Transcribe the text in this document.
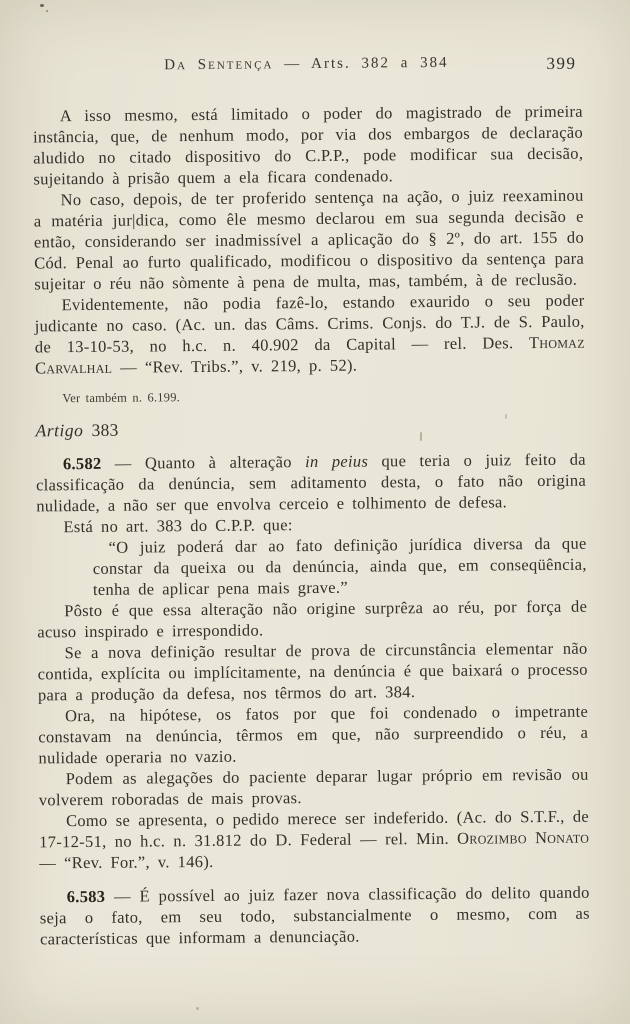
Da Sentença — Arts. 382 a 384	399

A isso mesmo, está limitado o poder do magistrado de primeira instância, que, de nenhum modo, por via dos embargos de declaração aludido no citado dispositivo do C.P.P., pode modificar sua decisão, sujeitando à prisão quem a ela ficara condenado.

No caso, depois, de ter proferido sentença na ação, o juiz reexaminou a matéria jur|dica, como êle mesmo declarou em sua segunda decisão e então, considerando ser inadmissível a aplicação do § 2º, do art. 155 do Cód. Penal ao furto qualificado, modificou o dispositivo da sentença para sujeitar o réu não sòmente à pena de multa, mas, também, à de reclusão.

Evidentemente, não podia fazê-lo, estando exaurido o seu poder judicante no caso. (Ac. un. das Câms. Crims. Conjs. do T.J. de S. Paulo, de 13-10-53, no h.c. n. 40.902 da Capital — rel. Des. Thomaz Carvalhal — “Rev. Tribs.”, v. 219, p. 52).

Ver também n. 6.199.

Artigo 383

6.582 — Quanto à alteração in peius que teria o juiz feito da classificação da denúncia, sem aditamento desta, o fato não origina nulidade, a não ser que envolva cerceio e tolhimento de defesa.

Está no art. 383 do C.P.P. que:

“O juiz poderá dar ao fato definição jurídica diversa da que constar da queixa ou da denúncia, ainda que, em conseqüência, tenha de aplicar pena mais grave.”

Pôsto é que essa alteração não origine surprêza ao réu, por força de acuso inspirado e irrespondido.

Se a nova definição resultar de prova de circunstância elementar não contida, explícita ou implícitamente, na denúncia é que baixará o processo para a produção da defesa, nos têrmos do art. 384.

Ora, na hipótese, os fatos por que foi condenado o impetrante constavam na denúncia, têrmos em que, não surpreendido o réu, a nulidade operaria no vazio.

Podem as alegações do paciente deparar lugar próprio em revisão ou volverem roboradas de mais provas.

Como se apresenta, o pedido merece ser indeferido. (Ac. do S.T.F., de 17-12-51, no h.c. n. 31.812 do D. Federal — rel. Min. Orozimbo Nonato — “Rev. For.”, v. 146).

6.583 — É possível ao juiz fazer nova classificação do delito quando seja o fato, em seu todo, substancialmente o mesmo, com as características que informam a denunciação.
